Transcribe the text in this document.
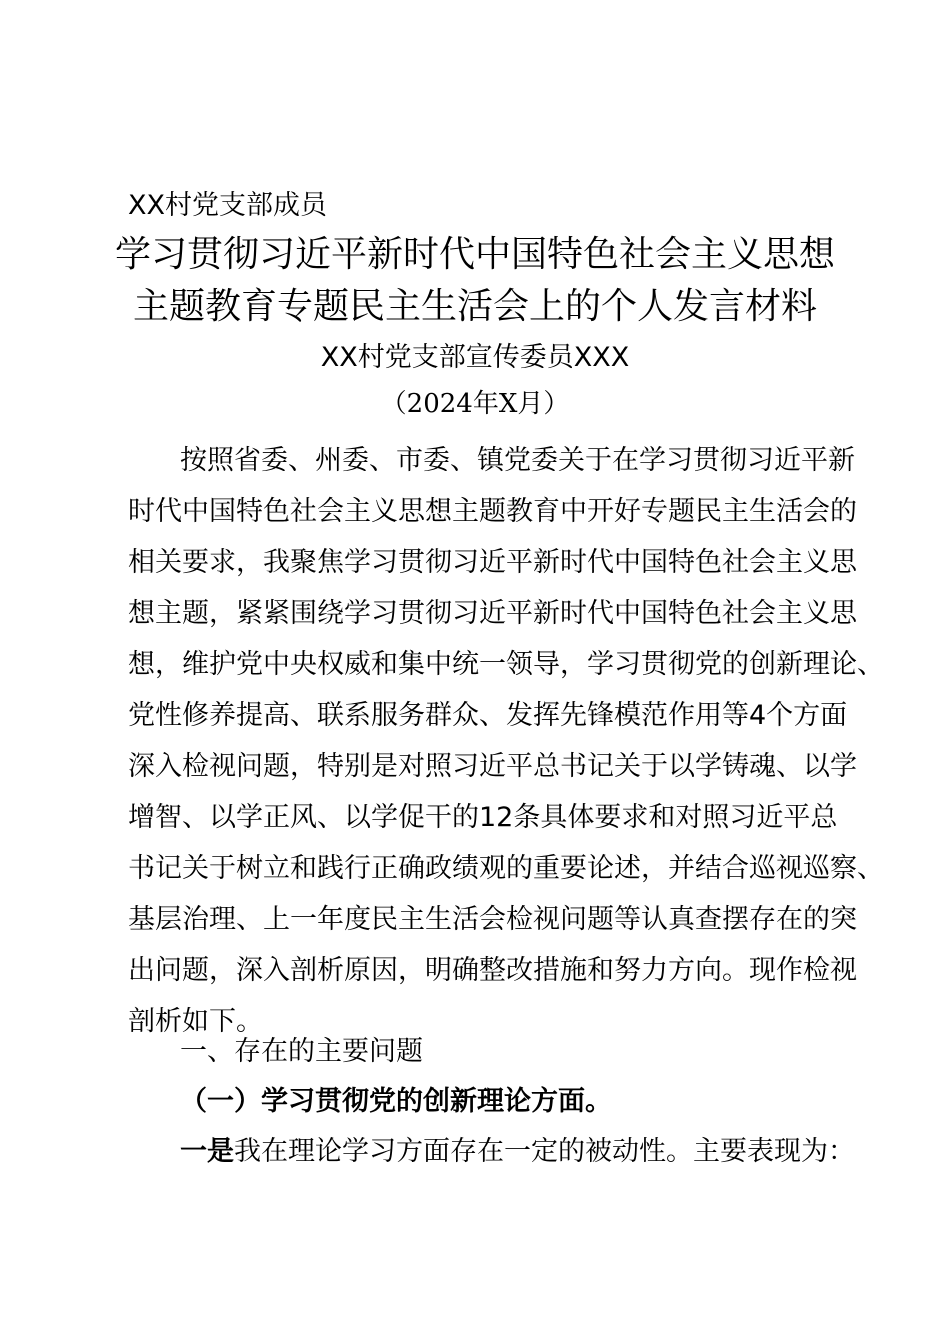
XX村党支部成员
学习贯彻习近平新时代中国特色社会主义思想
主题教育专题民主生活会上的个人发言材料
XX村党支部宣传委员XXX
（2024年X月）
按照省委、州委、市委、镇党委关于在学习贯彻习近平新
时代中国特色社会主义思想主题教育中开好专题民主生活会的
相关要求，我聚焦学习贯彻习近平新时代中国特色社会主义思
想主题，紧紧围绕学习贯彻习近平新时代中国特色社会主义思
想，维护党中央权威和集中统一领导，学习贯彻党的创新理论、
党性修养提高、联系服务群众、发挥先锋模范作用等4个方面
深入检视问题，特别是对照习近平总书记关于以学铸魂、以学
增智、以学正风、以学促干的12条具体要求和对照习近平总
书记关于树立和践行正确政绩观的重要论述，并结合巡视巡察、
基层治理、上一年度民主生活会检视问题等认真查摆存在的突
出问题，深入剖析原因，明确整改措施和努力方向。现作检视
剖析如下。
一、存在的主要问题
（一）学习贯彻党的创新理论方面。
一是我在理论学习方面存在一定的被动性。主要表现为：
